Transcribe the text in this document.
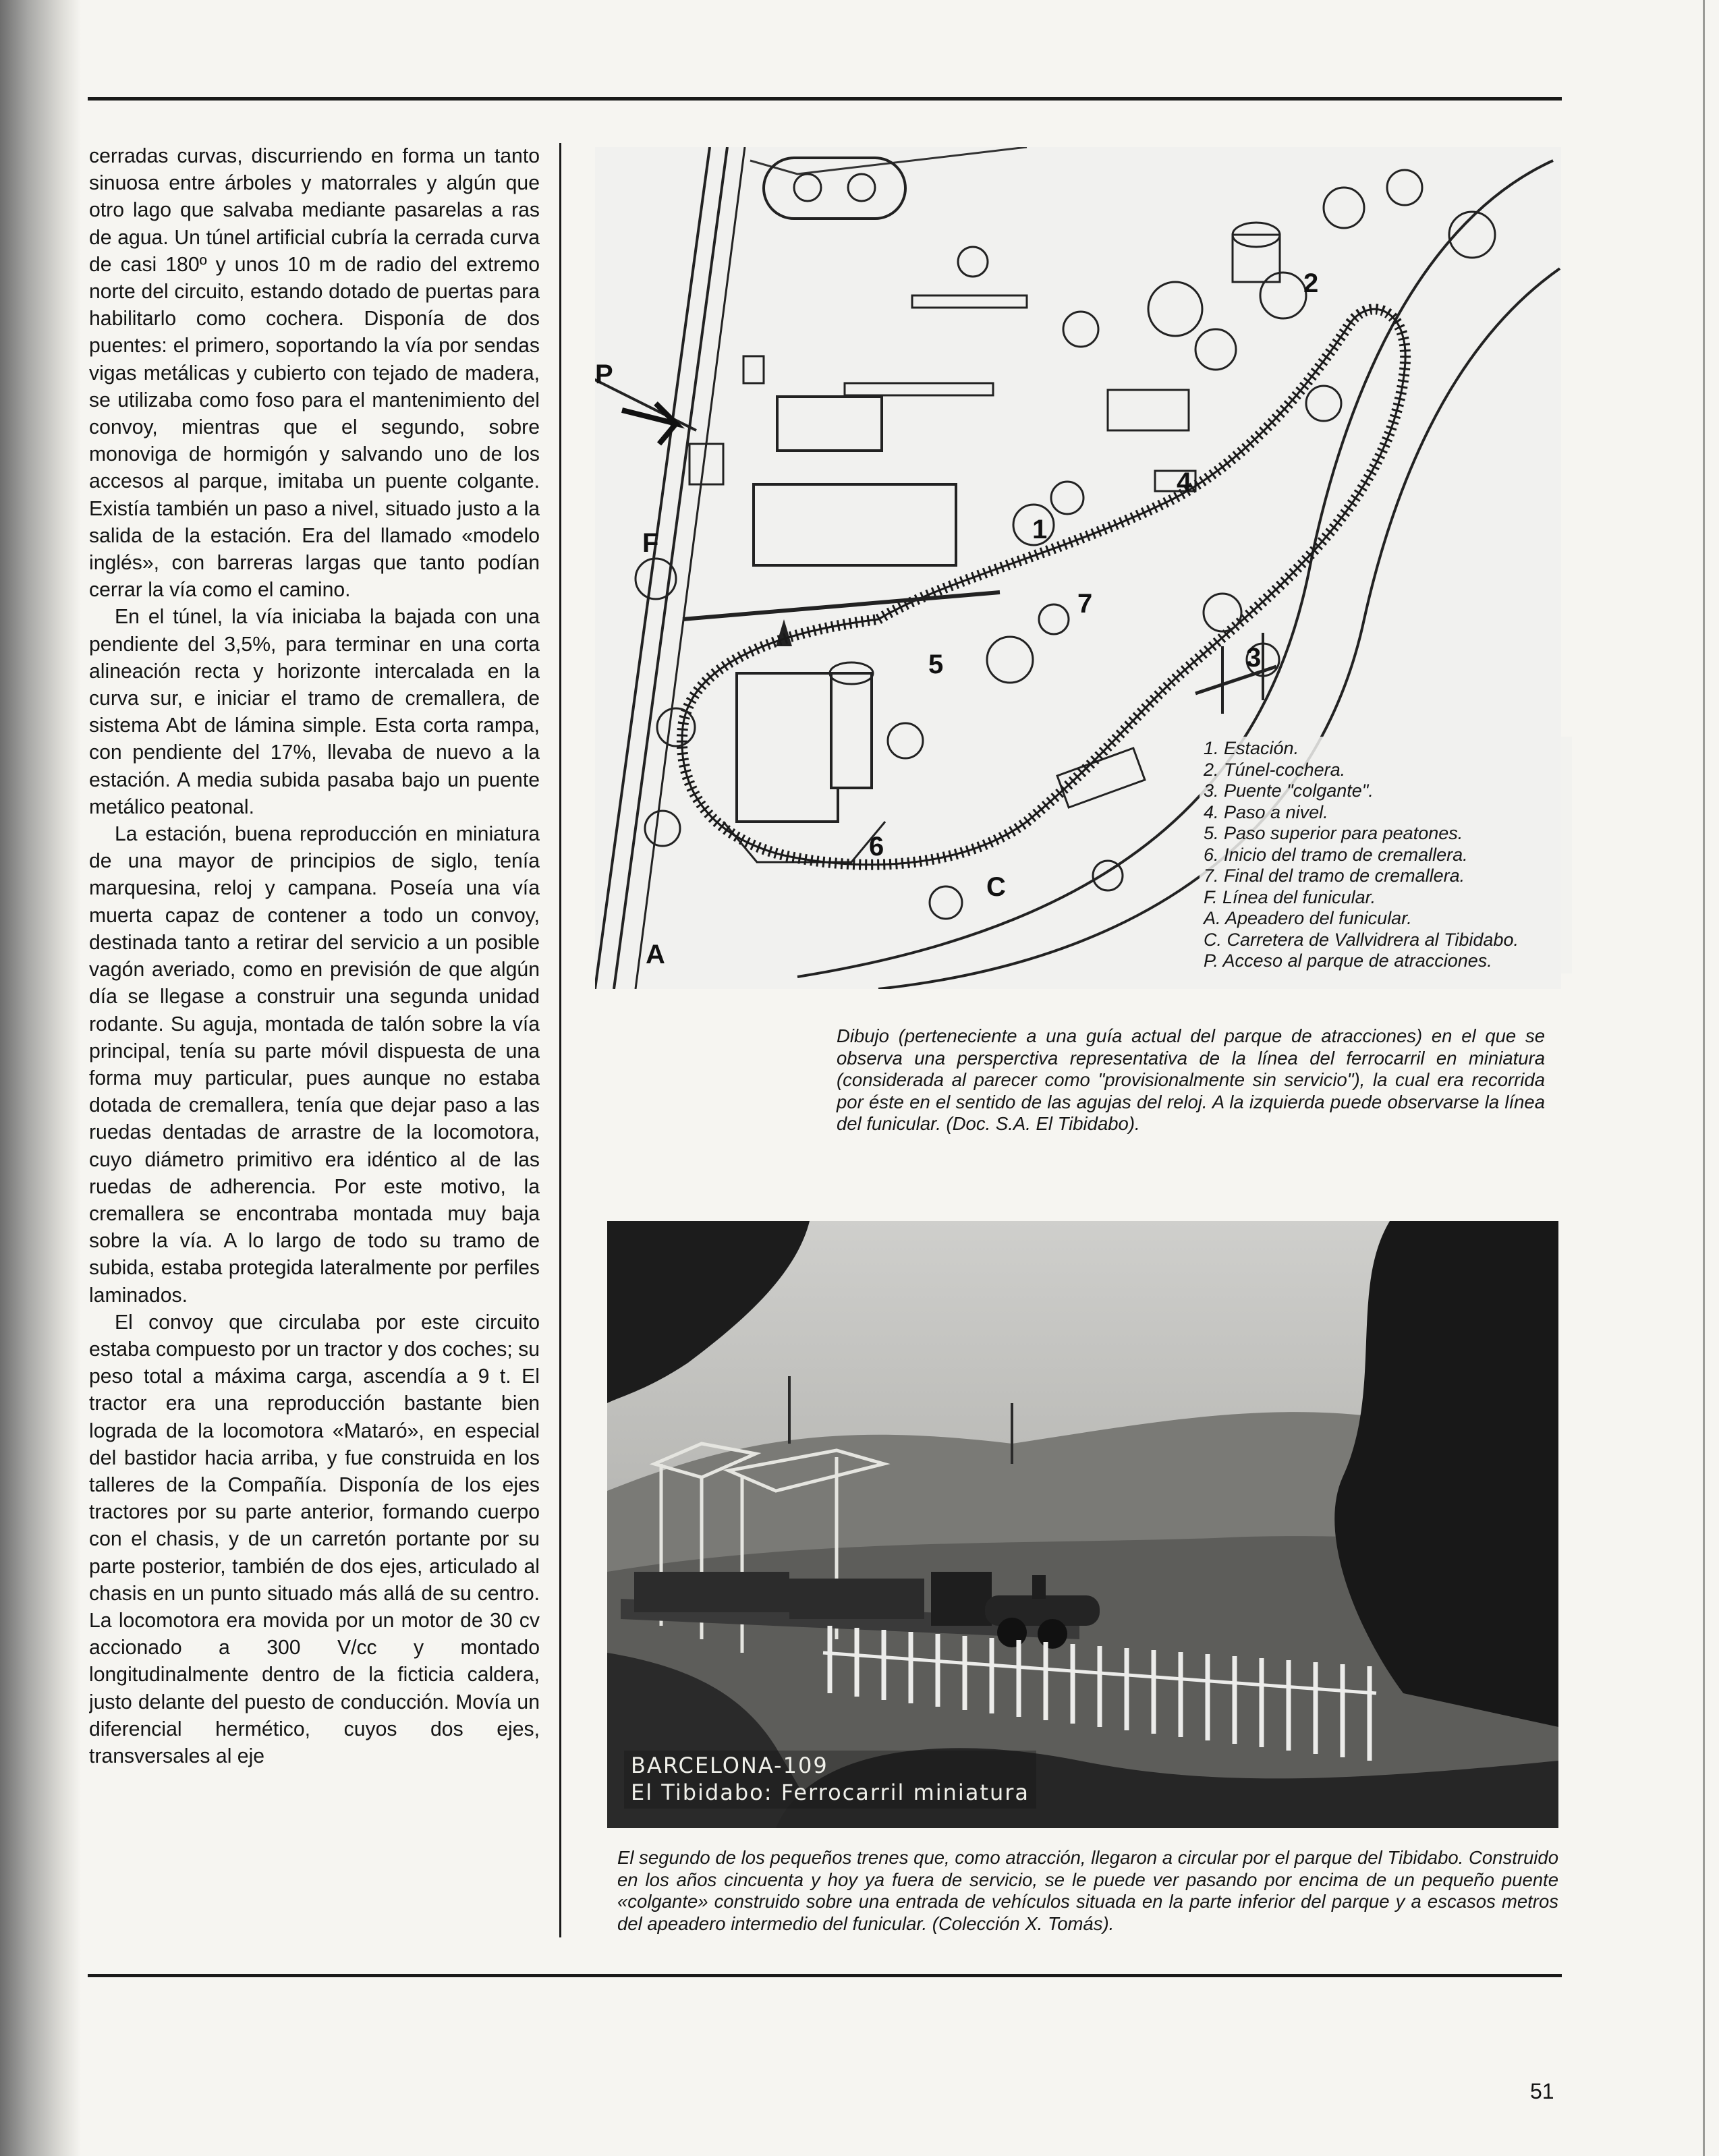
cerradas curvas, discurriendo en forma un tanto sinuosa entre árboles y matorrales y algún que otro lago que salvaba mediante pasarelas a ras de agua. Un túnel artificial cubría la cerrada curva de casi 180º y unos 10 m de radio del extremo norte del circuito, estando dotado de puertas para habilitarlo como cochera. Disponía de dos puentes: el primero, soportando la vía por sendas vigas metálicas y cubierto con tejado de madera, se utilizaba como foso para el mantenimiento del convoy, mientras que el segundo, sobre monoviga de hormigón y salvando uno de los accesos al parque, imitaba un puente colgante. Existía también un paso a nivel, situado justo a la salida de la estación. Era del llamado «modelo inglés», con barreras largas que tanto podían cerrar la vía como el camino.

En el túnel, la vía iniciaba la bajada con una pendiente del 3,5%, para terminar en una corta alineación recta y horizonte intercalada en la curva sur, e iniciar el tramo de cremallera, de sistema Abt de lámina simple. Esta corta rampa, con pendiente del 17%, llevaba de nuevo a la estación. A media subida pasaba bajo un puente metálico peatonal.

La estación, buena reproducción en miniatura de una mayor de principios de siglo, tenía marquesina, reloj y campana. Poseía una vía muerta capaz de contener a todo un convoy, destinada tanto a retirar del servicio a un posible vagón averiado, como en previsión de que algún día se llegase a construir una segunda unidad rodante. Su aguja, montada de talón sobre la vía principal, tenía su parte móvil dispuesta de una forma muy particular, pues aunque no estaba dotada de cremallera, tenía que dejar paso a las ruedas dentadas de arrastre de la locomotora, cuyo diámetro primitivo era idéntico al de las ruedas de adherencia. Por este motivo, la cremallera se encontraba montada muy baja sobre la vía. A lo largo de todo su tramo de subida, estaba protegida lateralmente por perfiles laminados.

El convoy que circulaba por este circuito estaba compuesto por un tractor y dos coches; su peso total a máxima carga, ascendía a 9 t. El tractor era una reproducción bastante bien lograda de la locomotora «Mataró», en especial del bastidor hacia arriba, y fue construida en los talleres de la Compañía. Disponía de los ejes tractores por su parte anterior, formando cuerpo con el chasis, y de un carretón portante por su parte posterior, también de dos ejes, articulado al chasis en un punto situado más allá de su centro. La locomotora era movida por un motor de 30 cv accionado a 300 V/cc y montado longitudinalmente dentro de la ficticia caldera, justo delante del puesto de conducción. Movía un diferencial hermético, cuyos dos ejes, transversales al eje

P
F
A
C
1
2
3
4
5
6
7
1. Estación.
2. Túnel-cochera.
3. Puente "colgante".
4. Paso a nivel.
5. Paso superior para peatones.
6. Inicio del tramo de cremallera.
7. Final del tramo de cremallera.
F. Línea del funicular.
A. Apeadero del funicular.
C. Carretera de Vallvidrera al Tibidabo.
P. Acceso al parque de atracciones.
Dibujo (perteneciente a una guía actual del parque de atracciones) en el que se observa una persperctiva representativa de la línea del ferrocarril en miniatura (considerada al parecer como "provisionalmente sin servicio"), la cual era recorrida por éste en el sentido de las agujas del reloj. A la izquierda puede observarse la línea del funicular. (Doc. S.A. El Tibidabo).
BARCELONA-109
El Tibidabo: Ferrocarril miniatura
El segundo de los pequeños trenes que, como atracción, llegaron a circular por el parque del Tibidabo. Construido en los años cincuenta y hoy ya fuera de servicio, se le puede ver pasando por encima de un pequeño puente «colgante» construido sobre una entrada de vehículos situada en la parte inferior del parque y a escasos metros del apeadero intermedio del funicular. (Colección X. Tomás).
51
